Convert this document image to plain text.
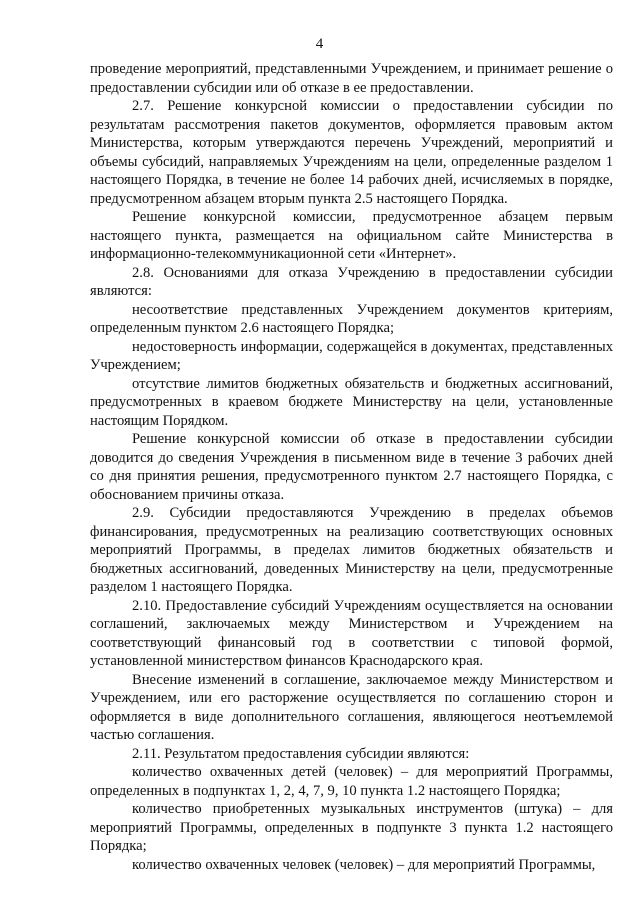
4

проведение мероприятий, представленными Учреждением, и принимает решение о предоставлении субсидии или об отказе в ее предоставлении.

2.7. Решение конкурсной комиссии о предоставлении субсидии по результатам рассмотрения пакетов документов, оформляется правовым актом Министерства, которым утверждаются перечень Учреждений, мероприятий и объемы субсидий, направляемых Учреждениям на цели, определенные разделом 1 настоящего Порядка, в течение не более 14 рабочих дней, исчисляемых в порядке, предусмотренном абзацем вторым пункта 2.5 настоящего Порядка.

Решение конкурсной комиссии, предусмотренное абзацем первым настоящего пункта, размещается на официальном сайте Министерства в информационно-телекоммуникационной сети «Интернет».

2.8. Основаниями для отказа Учреждению в предоставлении субсидии являются:

несоответствие представленных Учреждением документов критериям, определенным пунктом 2.6 настоящего Порядка;

недостоверность информации, содержащейся в документах, представленных Учреждением;

отсутствие лимитов бюджетных обязательств и бюджетных ассигнований, предусмотренных в краевом бюджете Министерству на цели, установленные настоящим Порядком.

Решение конкурсной комиссии об отказе в предоставлении субсидии доводится до сведения Учреждения в письменном виде в течение 3 рабочих дней со дня принятия решения, предусмотренного пунктом 2.7 настоящего Порядка, с обоснованием причины отказа.

2.9. Субсидии предоставляются Учреждению в пределах объемов финансирования, предусмотренных на реализацию соответствующих основных мероприятий Программы, в пределах лимитов бюджетных обязательств и бюджетных ассигнований, доведенных Министерству на цели, предусмотренные разделом 1 настоящего Порядка.

2.10. Предоставление субсидий Учреждениям осуществляется на основании соглашений, заключаемых между Министерством и Учреждением на соответствующий финансовый год в соответствии с типовой формой, установленной министерством финансов Краснодарского края.

Внесение изменений в соглашение, заключаемое между Министерством и Учреждением, или его расторжение осуществляется по соглашению сторон и оформляется в виде дополнительного соглашения, являющегося неотъемлемой частью соглашения.

2.11. Результатом предоставления субсидии являются:

количество охваченных детей (человек) – для мероприятий Программы, определенных в подпунктах 1, 2, 4, 7, 9, 10 пункта 1.2 настоящего Порядка;

количество приобретенных музыкальных инструментов (штука) – для мероприятий Программы, определенных в подпункте 3 пункта 1.2 настоящего Порядка;

количество охваченных человек (человек) – для мероприятий Программы,
